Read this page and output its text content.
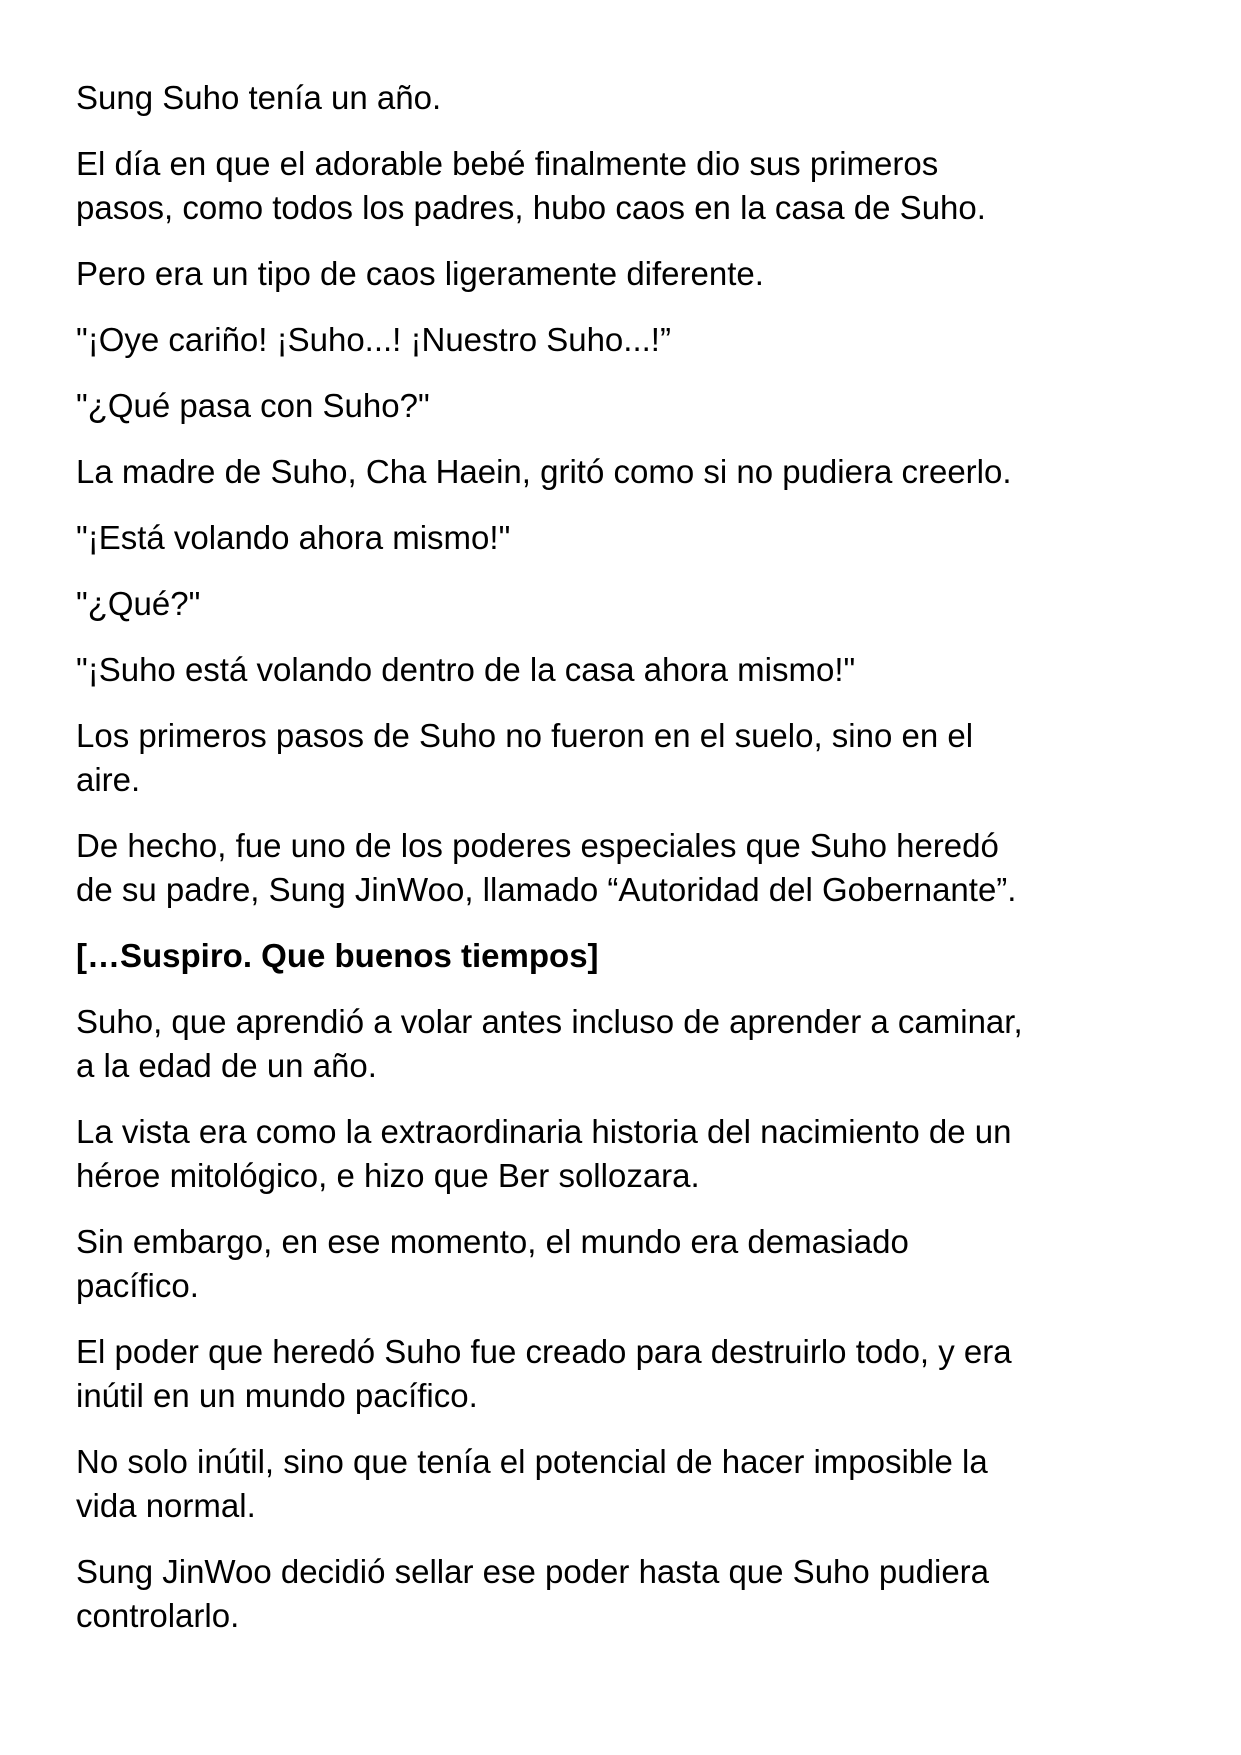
Sung Suho tenía un año.

El día en que el adorable bebé finalmente dio sus primeros
pasos, como todos los padres, hubo caos en la casa de Suho.

Pero era un tipo de caos ligeramente diferente.

"¡Oye cariño! ¡Suho...! ¡Nuestro Suho...!”

"¿Qué pasa con Suho?"

La madre de Suho, Cha Haein, gritó como si no pudiera creerlo.

"¡Está volando ahora mismo!"

"¿Qué?"

"¡Suho está volando dentro de la casa ahora mismo!"

Los primeros pasos de Suho no fueron en el suelo, sino en el
aire.

De hecho, fue uno de los poderes especiales que Suho heredó
de su padre, Sung JinWoo, llamado “Autoridad del Gobernante”.

[…Suspiro. Que buenos tiempos]

Suho, que aprendió a volar antes incluso de aprender a caminar,
a la edad de un año.

La vista era como la extraordinaria historia del nacimiento de un
héroe mitológico, e hizo que Ber sollozara.

Sin embargo, en ese momento, el mundo era demasiado
pacífico.

El poder que heredó Suho fue creado para destruirlo todo, y era
inútil en un mundo pacífico.

No solo inútil, sino que tenía el potencial de hacer imposible la
vida normal.

Sung JinWoo decidió sellar ese poder hasta que Suho pudiera
controlarlo.
